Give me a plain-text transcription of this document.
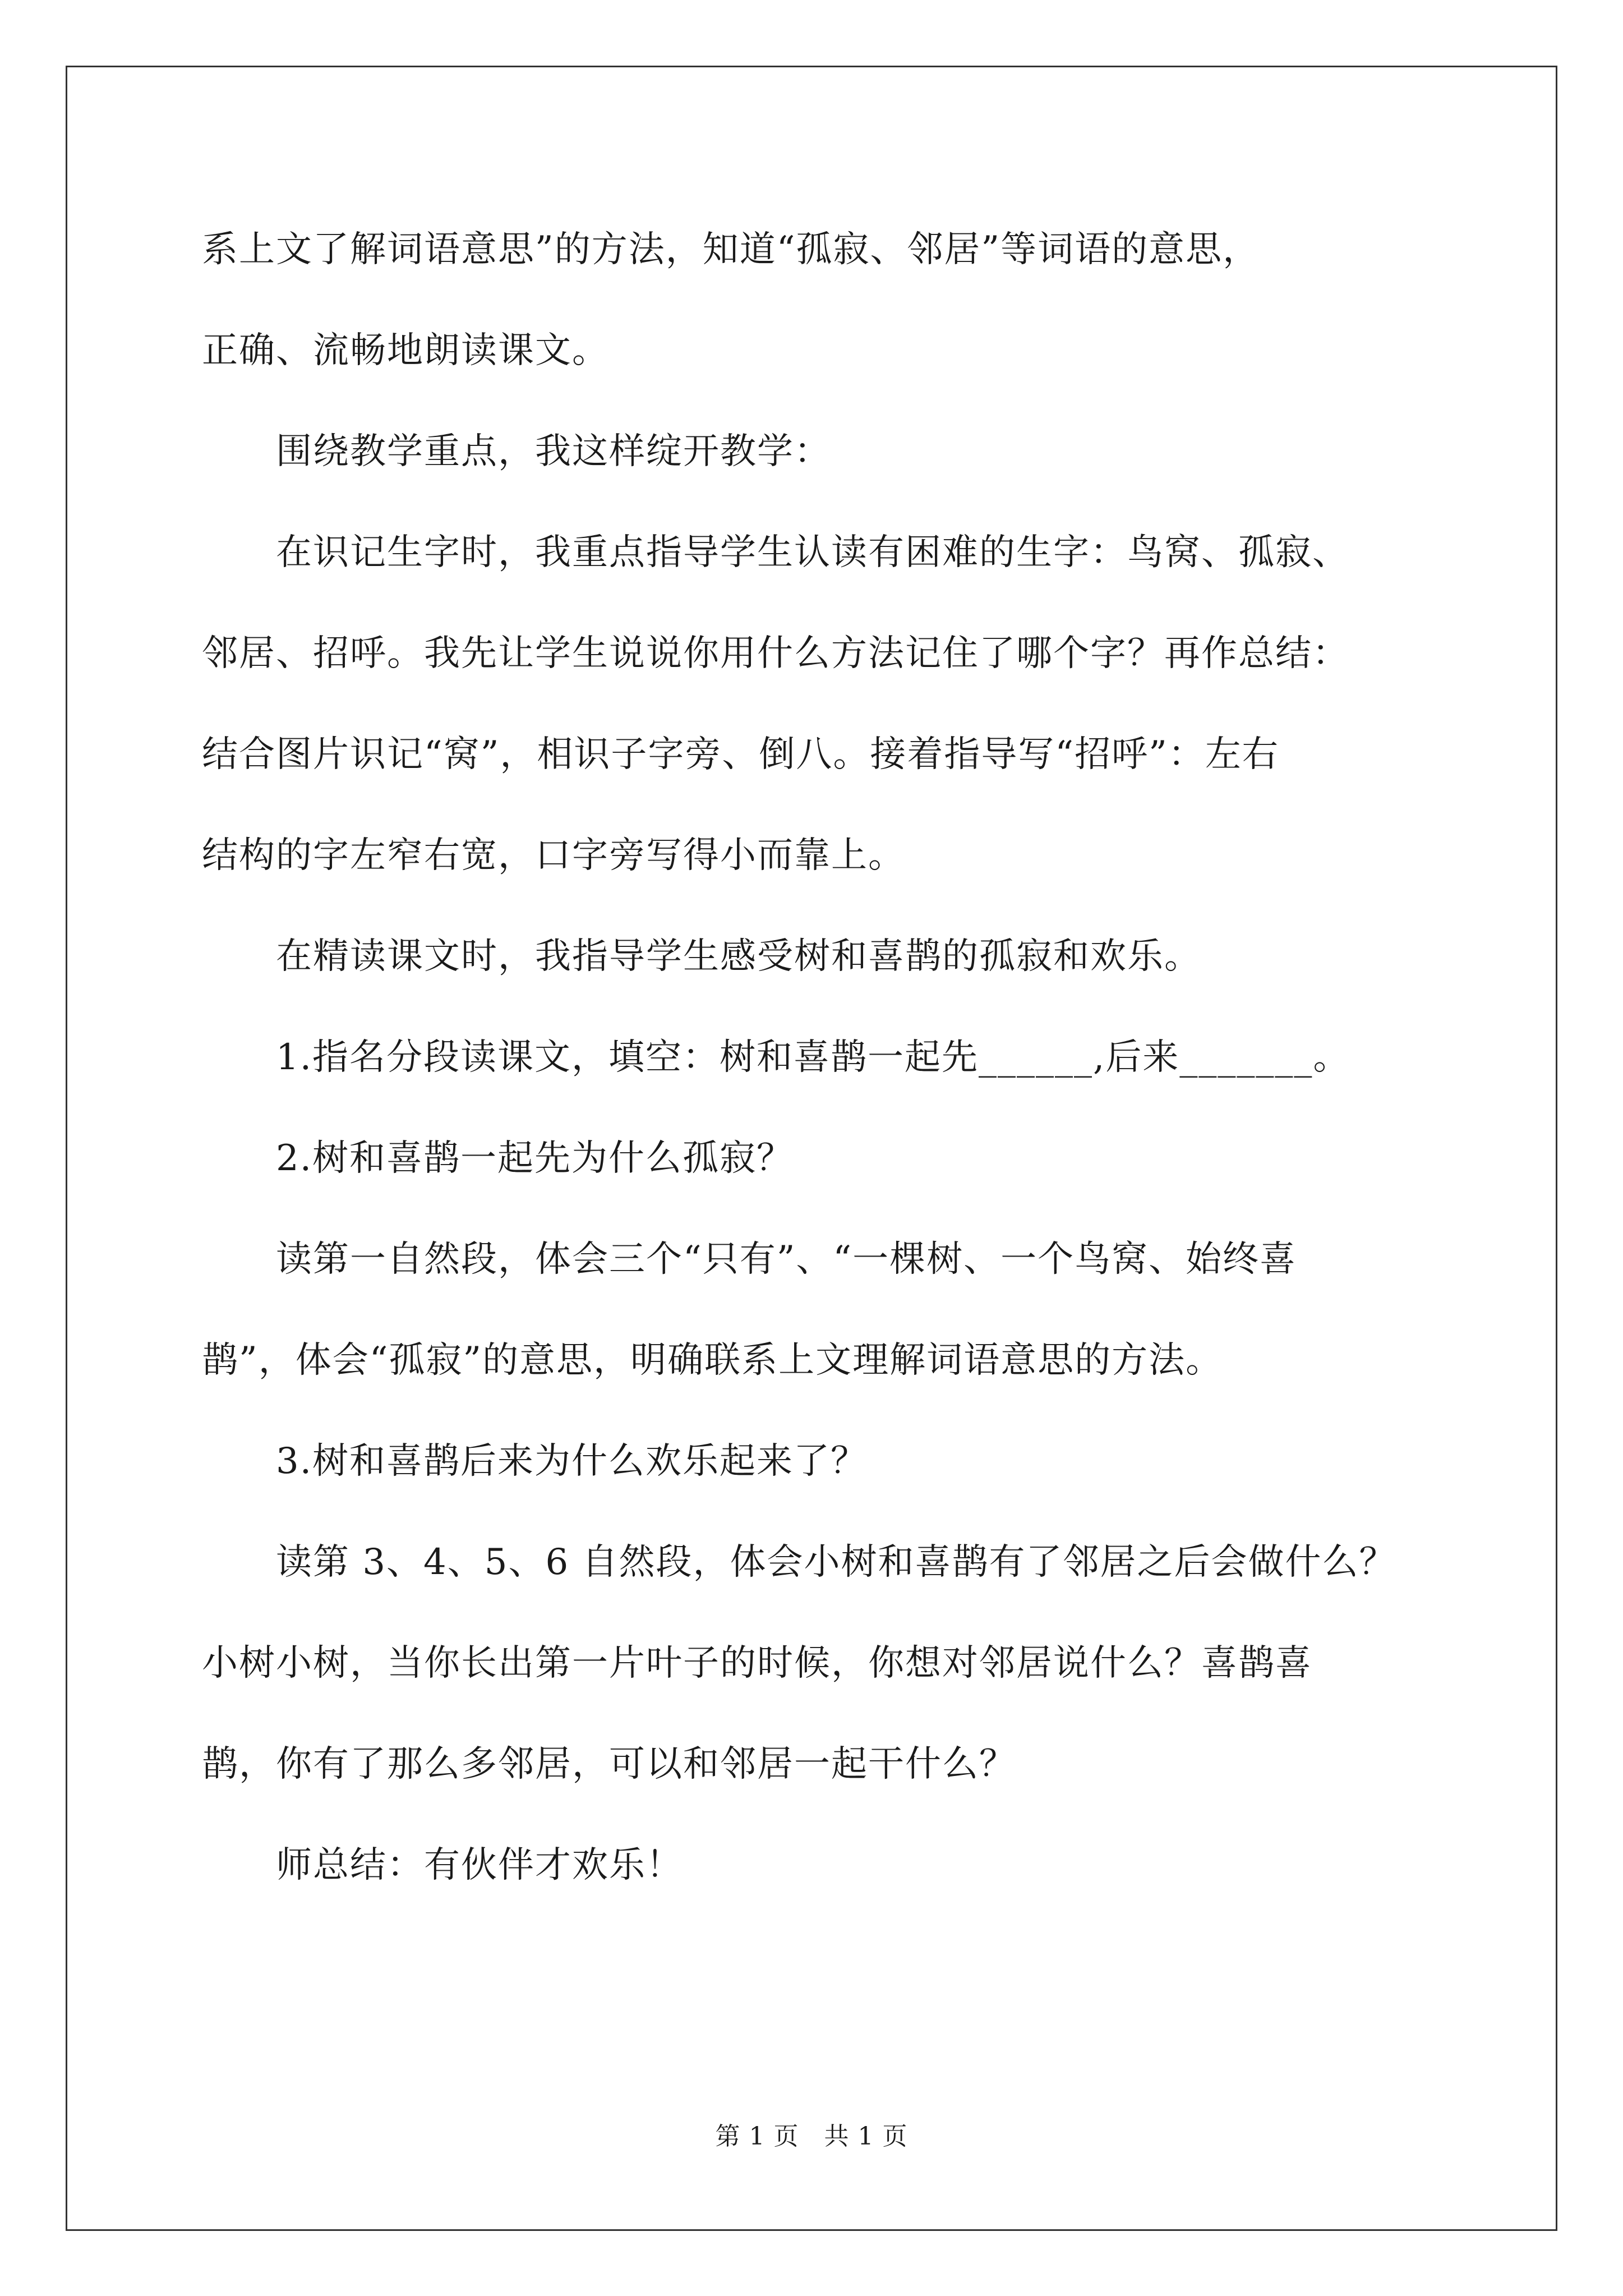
系上文了解词语意思”的方法，知道“孤寂、邻居”等词语的意思，
正确、流畅地朗读课文。
　　围绕教学重点，我这样绽开教学：
　　在识记生字时，我重点指导学生认读有困难的生字：鸟窝、孤寂、
邻居、招呼。我先让学生说说你用什么方法记住了哪个字？再作总结：
结合图片识记“窝”，相识子字旁、倒八。接着指导写“招呼”：左右
结构的字左窄右宽，口字旁写得小而靠上。
　　在精读课文时，我指导学生感受树和喜鹊的孤寂和欢乐。
　　1.指名分段读课文，填空：树和喜鹊一起先______,后来_______。
　　2.树和喜鹊一起先为什么孤寂？
　　读第一自然段，体会三个“只有”、“一棵树、一个鸟窝、始终喜
鹊”，体会“孤寂”的意思，明确联系上文理解词语意思的方法。
　　3.树和喜鹊后来为什么欢乐起来了？
　　读第 3、4、5、6 自然段，体会小树和喜鹊有了邻居之后会做什么？
小树小树，当你长出第一片叶子的时候，你想对邻居说什么？喜鹊喜
鹊，你有了那么多邻居，可以和邻居一起干什么？
　　师总结：有伙伴才欢乐！
第 1 页　共 1 页
